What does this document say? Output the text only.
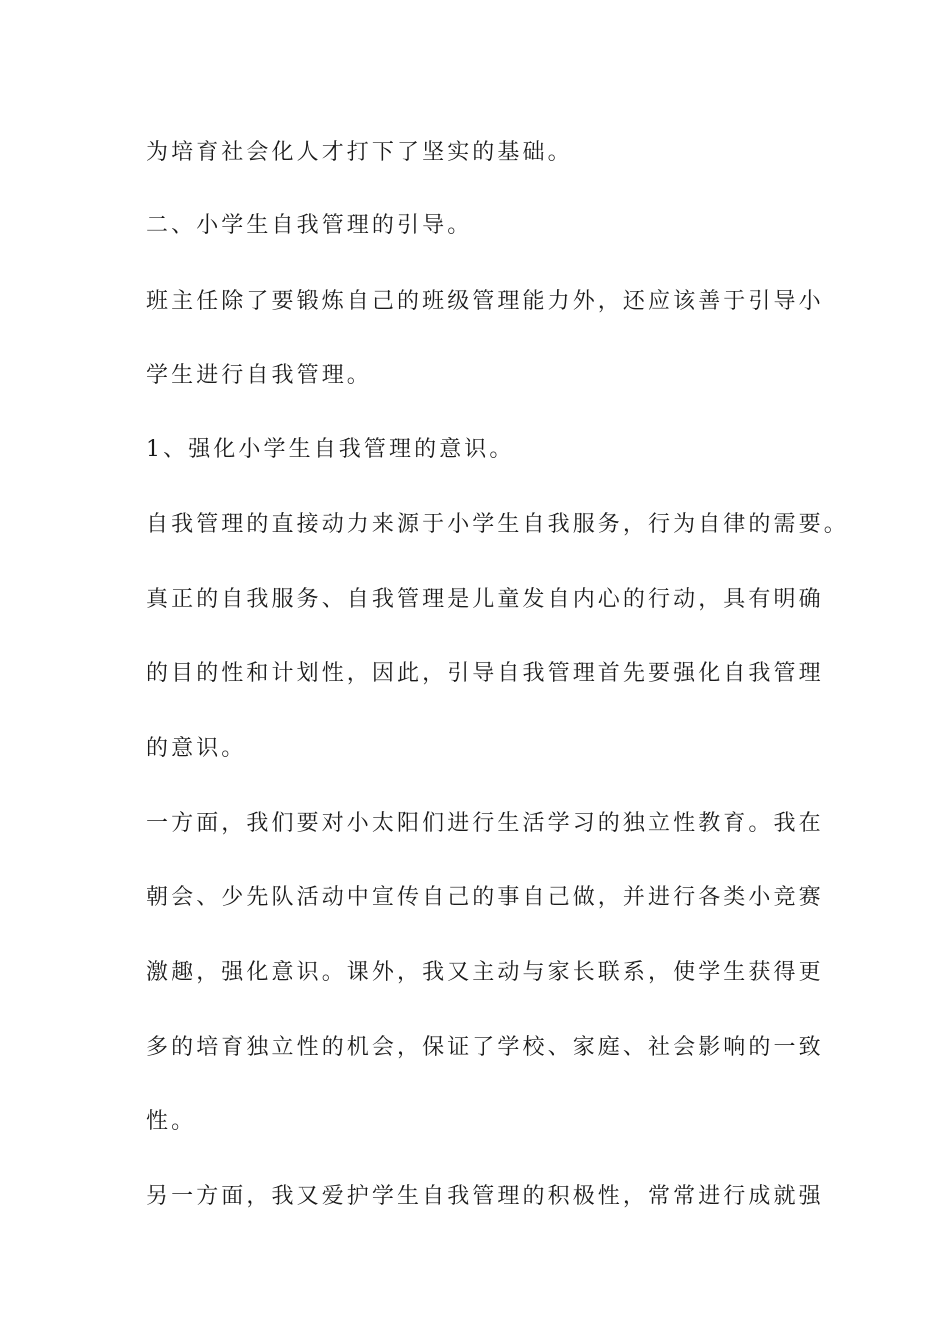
为培育社会化人才打下了坚实的基础。
二、小学生自我管理的引导。
班主任除了要锻炼自己的班级管理能力外，还应该善于引导小
学生进行自我管理。
1、强化小学生自我管理的意识。
自我管理的直接动力来源于小学生自我服务，行为自律的需要。
真正的自我服务、自我管理是儿童发自内心的行动，具有明确
的目的性和计划性，因此，引导自我管理首先要强化自我管理
的意识。
一方面，我们要对小太阳们进行生活学习的独立性教育。我在
朝会、少先队活动中宣传自己的事自己做，并进行各类小竞赛
激趣，强化意识。课外，我又主动与家长联系，使学生获得更
多的培育独立性的机会，保证了学校、家庭、社会影响的一致
性。
另一方面，我又爱护学生自我管理的积极性，常常进行成就强
